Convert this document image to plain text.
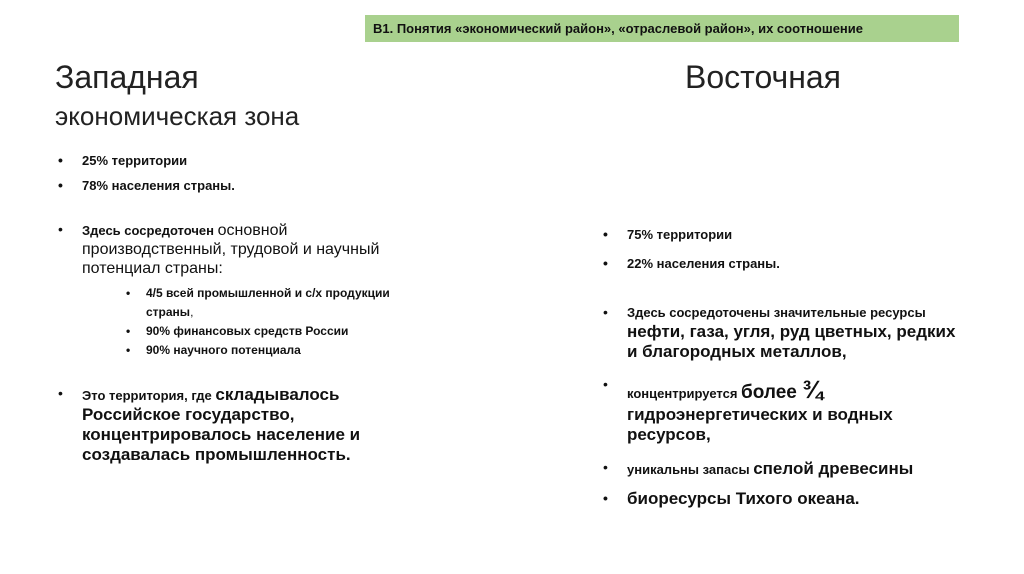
В1. Понятия «экономический район», «отраслевой район», их соотношение
Западная
экономическая зона
• 25% территории
• 78% населения страны.
• Здесь сосредоточен основной производственный, трудовой и научный потенциал страны:
• 4/5 всей промышленной и с/х продукции страны,
• 90% финансовых средств России
• 90% научного потенциала
• Это территория, где складывалось Российское государство, концентрировалось население и создавалась промышленность.
Восточная
• 75% территории
• 22% населения страны.
• Здесь сосредоточены значительные ресурсы нефти, газа, угля, руд цветных, редких и благородных металлов,
• концентрируется более ¾ гидроэнергетических и водных ресурсов,
• уникальны запасы спелой древесины
• биоресурсы Тихого океана.
